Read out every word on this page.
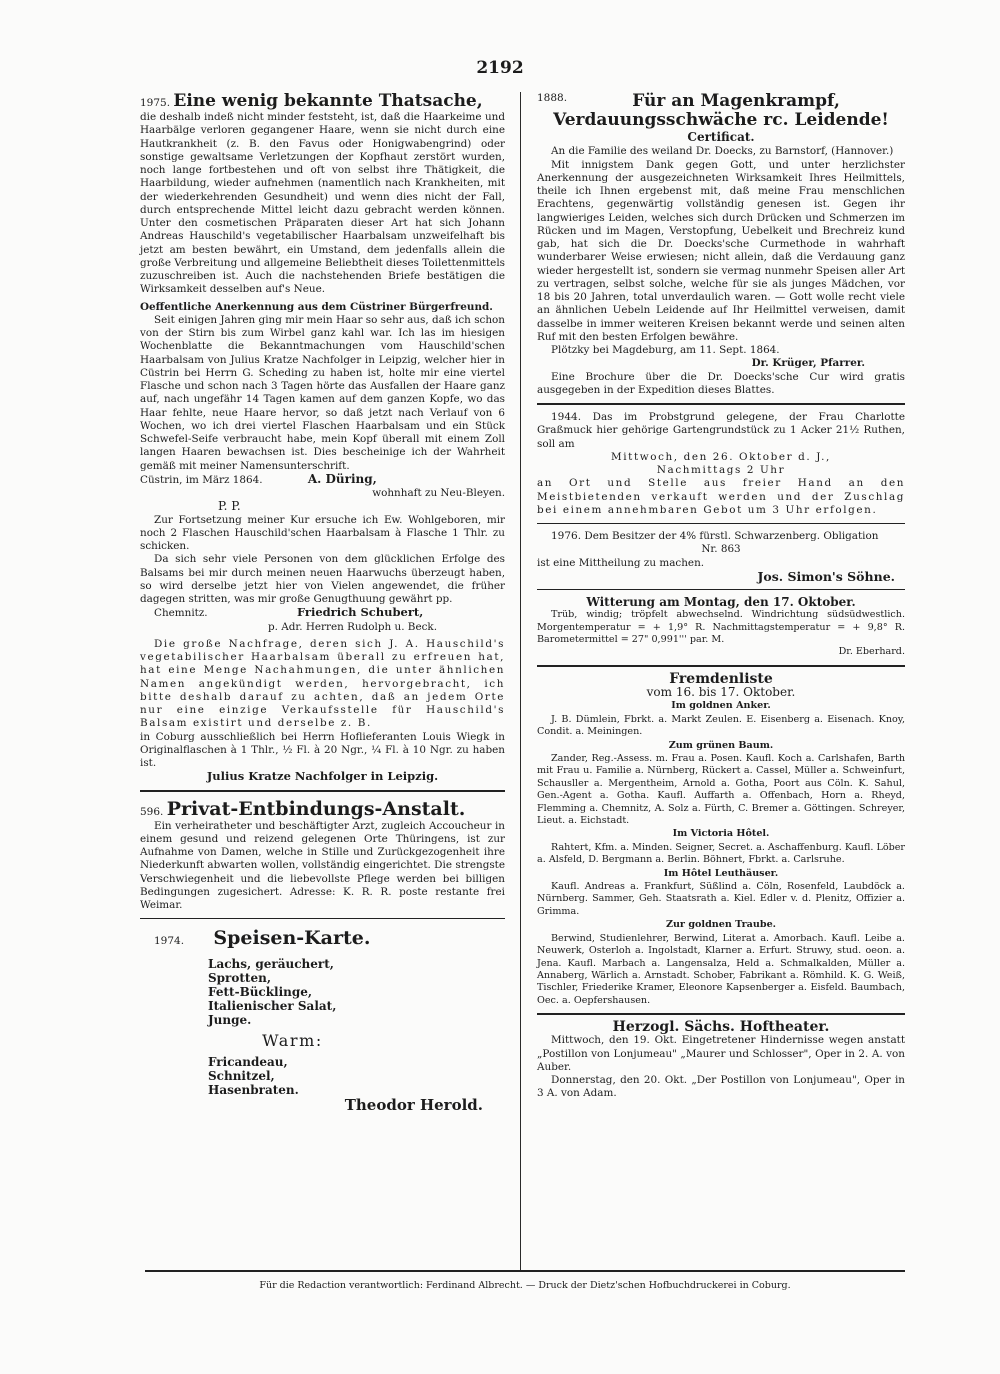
2192
1975. Eine wenig bekannte Thatsache,

die deshalb indeß nicht minder feststeht, ist, daß die Haarkeime und Haarbälge verloren gegangener Haare, wenn sie nicht durch eine Hautkrankheit (z. B. den Favus oder Honigwabengrind) oder sonstige gewaltsame Verletzungen der Kopfhaut zerstört wurden, noch lange fortbestehen und oft von selbst ihre Thätigkeit, die Haarbildung, wieder aufnehmen (namentlich nach Krankheiten, mit der wiederkehrenden Gesundheit) und wenn dies nicht der Fall, durch entsprechende Mittel leicht dazu gebracht werden können. Unter den cosmetischen Präparaten dieser Art hat sich Johann Andreas Hauschild's vegetabilischer Haarbalsam unzweifelhaft bis jetzt am besten bewährt, ein Umstand, dem jedenfalls allein die große Verbreitung und allgemeine Beliebtheit dieses Toilettenmittels zuzuschreiben ist. Auch die nachstehenden Briefe bestätigen die Wirksamkeit desselben auf's Neue.

Oeffentliche Anerkennung aus dem Cüstriner Bürgerfreund.

Seit einigen Jahren ging mir mein Haar so sehr aus, daß ich schon von der Stirn bis zum Wirbel ganz kahl war. Ich las im hiesigen Wochenblatte die Bekanntmachungen vom Hauschild'schen Haarbalsam von Julius Kratze Nachfolger in Leipzig, welcher hier in Cüstrin bei Herrn G. Scheding zu haben ist, holte mir eine viertel Flasche und schon nach 3 Tagen hörte das Ausfallen der Haare ganz auf, nach ungefähr 14 Tagen kamen auf dem ganzen Kopfe, wo das Haar fehlte, neue Haare hervor, so daß jetzt nach Verlauf von 6 Wochen, wo ich drei viertel Flaschen Haarbalsam und ein Stück Schwefel-Seife verbraucht habe, mein Kopf überall mit einem Zoll langen Haaren bewachsen ist. Dies bescheinige ich der Wahrheit gemäß mit meiner Namensunterschrift.

Cüstrin, im März 1864.	A. Düring,

wohnhaft zu Neu-Bleyen.

P. P.

Zur Fortsetzung meiner Kur ersuche ich Ew. Wohlgeboren, mir noch 2 Flaschen Hauschild'schen Haarbalsam à Flasche 1 Thlr. zu schicken.

Da sich sehr viele Personen von dem glücklichen Erfolge des Balsams bei mir durch meinen neuen Haarwuchs überzeugt haben, so wird derselbe jetzt hier von Vielen angewendet, die früher dagegen stritten, was mir große Genugthuung gewährt pp.

Chemnitz.	Friedrich Schubert,

p. Adr. Herren Rudolph u. Beck.

Die große Nachfrage, deren sich J. A. Hauschild's vegetabilischer Haarbalsam überall zu erfreuen hat, hat eine Menge Nachahmungen, die unter ähnlichen Namen angekündigt werden, hervorgebracht, ich bitte deshalb darauf zu achten, daß an jedem Orte nur eine einzige Verkaufsstelle für Hauschild's Balsam existirt und derselbe z. B.

in Coburg ausschließlich bei Herrn Hoflieferanten Louis Wiegk in Originalflaschen à 1 Thlr., ½ Fl. à 20 Ngr., ¼ Fl. à 10 Ngr. zu haben ist.

Julius Kratze Nachfolger in Leipzig.

596. Privat-Entbindungs-Anstalt.

Ein verheiratheter und beschäftigter Arzt, zugleich Accoucheur in einem gesund und reizend gelegenen Orte Thüringens, ist zur Aufnahme von Damen, welche in Stille und Zurückgezogenheit ihre Niederkunft abwarten wollen, vollständig eingerichtet. Die strengste Verschwiegenheit und die liebevollste Pflege werden bei billigen Bedingungen zugesichert. Adresse: K. R. R. poste restante frei Weimar.

1974. Speisen-Karte.
Lachs, geräuchert,
Sprotten,
Fett-Bücklinge,
Italienischer Salat,
Junge.
Warm:
Fricandeau,
Schnitzel,
Hasenbraten.
Theodor Herold.
1888.	Für an Magenkrampf, Verdauungsschwäche rc. Leidende!

Certificat.

An die Familie des weiland Dr. Doecks, zu Barnstorf, (Hannover.)

Mit innigstem Dank gegen Gott, und unter herzlichster Anerkennung der ausgezeichneten Wirksamkeit Ihres Heilmittels, theile ich Ihnen ergebenst mit, daß meine Frau menschlichen Erachtens, gegenwärtig vollständig genesen ist. Gegen ihr langwieriges Leiden, welches sich durch Drücken und Schmerzen im Rücken und im Magen, Verstopfung, Uebelkeit und Brechreiz kund gab, hat sich die Dr. Doecks'sche Curmethode in wahrhaft wunderbarer Weise erwiesen; nicht allein, daß die Verdauung ganz wieder hergestellt ist, sondern sie vermag nunmehr Speisen aller Art zu vertragen, selbst solche, welche für sie als junges Mädchen, vor 18 bis 20 Jahren, total unverdaulich waren. — Gott wolle recht viele an ähnlichen Uebeln Leidende auf Ihr Heilmittel verweisen, damit dasselbe in immer weiteren Kreisen bekannt werde und seinen alten Ruf mit den besten Erfolgen bewähre.

Plötzky bei Magdeburg, am 11. Sept. 1864.

Dr. Krüger, Pfarrer.

Eine Brochure über die Dr. Doecks'sche Cur wird gratis ausgegeben in der Expedition dieses Blattes.

1944. Das im Probstgrund gelegene, der Frau Charlotte Graßmuck hier gehörige Gartengrundstück zu 1 Acker 21½ Ruthen, soll am

Mittwoch, den 26. Oktober d. J.,

Nachmittags 2 Uhr

an Ort und Stelle aus freier Hand an den Meistbietenden verkauft werden und der Zuschlag bei einem annehmbaren Gebot um 3 Uhr erfolgen.

1976. Dem Besitzer der 4% fürstl. Schwarzenberg. Obligation

Nr. 863

ist eine Mittheilung zu machen.

Jos. Simon's Söhne.

Witterung am Montag, den 17. Oktober.

Trüb, windig; tröpfelt abwechselnd. Windrichtung südsüdwestlich. Morgentemperatur = + 1,9° R. Nachmittagstemperatur = + 9,8° R. Barometermittel = 27" 0,991''' par. M.

Dr. Eberhard.

Fremdenliste

vom 16. bis 17. Oktober.

Im goldnen Anker.

J. B. Dümlein, Fbrkt. a. Markt Zeulen. E. Eisenberg a. Eisenach. Knoy, Condit. a. Meiningen.

Zum grünen Baum.

Zander, Reg.-Assess. m. Frau a. Posen. Kaufl. Koch a. Carlshafen, Barth mit Frau u. Familie a. Nürnberg, Rückert a. Cassel, Müller a. Schweinfurt, Schausller a. Mergentheim, Arnold a. Gotha, Poort aus Cöln. K. Sahul, Gen.-Agent a. Gotha. Kaufl. Auffarth a. Offenbach, Horn a. Rheyd, Flemming a. Chemnitz, A. Solz a. Fürth, C. Bremer a. Göttingen. Schreyer, Lieut. a. Eichstadt.

Im Victoria Hôtel.

Rahtert, Kfm. a. Minden. Seigner, Secret. a. Aschaffenburg. Kaufl. Löber a. Alsfeld, D. Bergmann a. Berlin. Böhnert, Fbrkt. a. Carlsruhe.

Im Hôtel Leuthäuser.

Kaufl. Andreas a. Frankfurt, Süßlind a. Cöln, Rosenfeld, Laubdöck a. Nürnberg. Sammer, Geh. Staatsrath a. Kiel. Edler v. d. Plenitz, Offizier a. Grimma.

Zur goldnen Traube.

Berwind, Studienlehrer, Berwind, Literat a. Amorbach. Kaufl. Leibe a. Neuwerk, Osterloh a. Ingolstadt, Klarner a. Erfurt. Struwy, stud. oeon. a. Jena. Kaufl. Marbach a. Langensalza, Held a. Schmalkalden, Müller a. Annaberg, Wärlich a. Arnstadt. Schober, Fabrikant a. Römhild. K. G. Weiß, Tischler, Friederike Kramer, Eleonore Kapsenberger a. Eisfeld. Baumbach, Oec. a. Oepfershausen.

Herzogl. Sächs. Hoftheater.

Mittwoch, den 19. Okt. Eingetretener Hindernisse wegen anstatt „Postillon von Lonjumeau" „Maurer und Schlosser", Oper in 2. A. von Auber.

Donnerstag, den 20. Okt. „Der Postillon von Lonjumeau", Oper in 3 A. von Adam.

Für die Redaction verantwortlich: Ferdinand Albrecht. — Druck der Dietz'schen Hofbuchdruckerei in Coburg.
